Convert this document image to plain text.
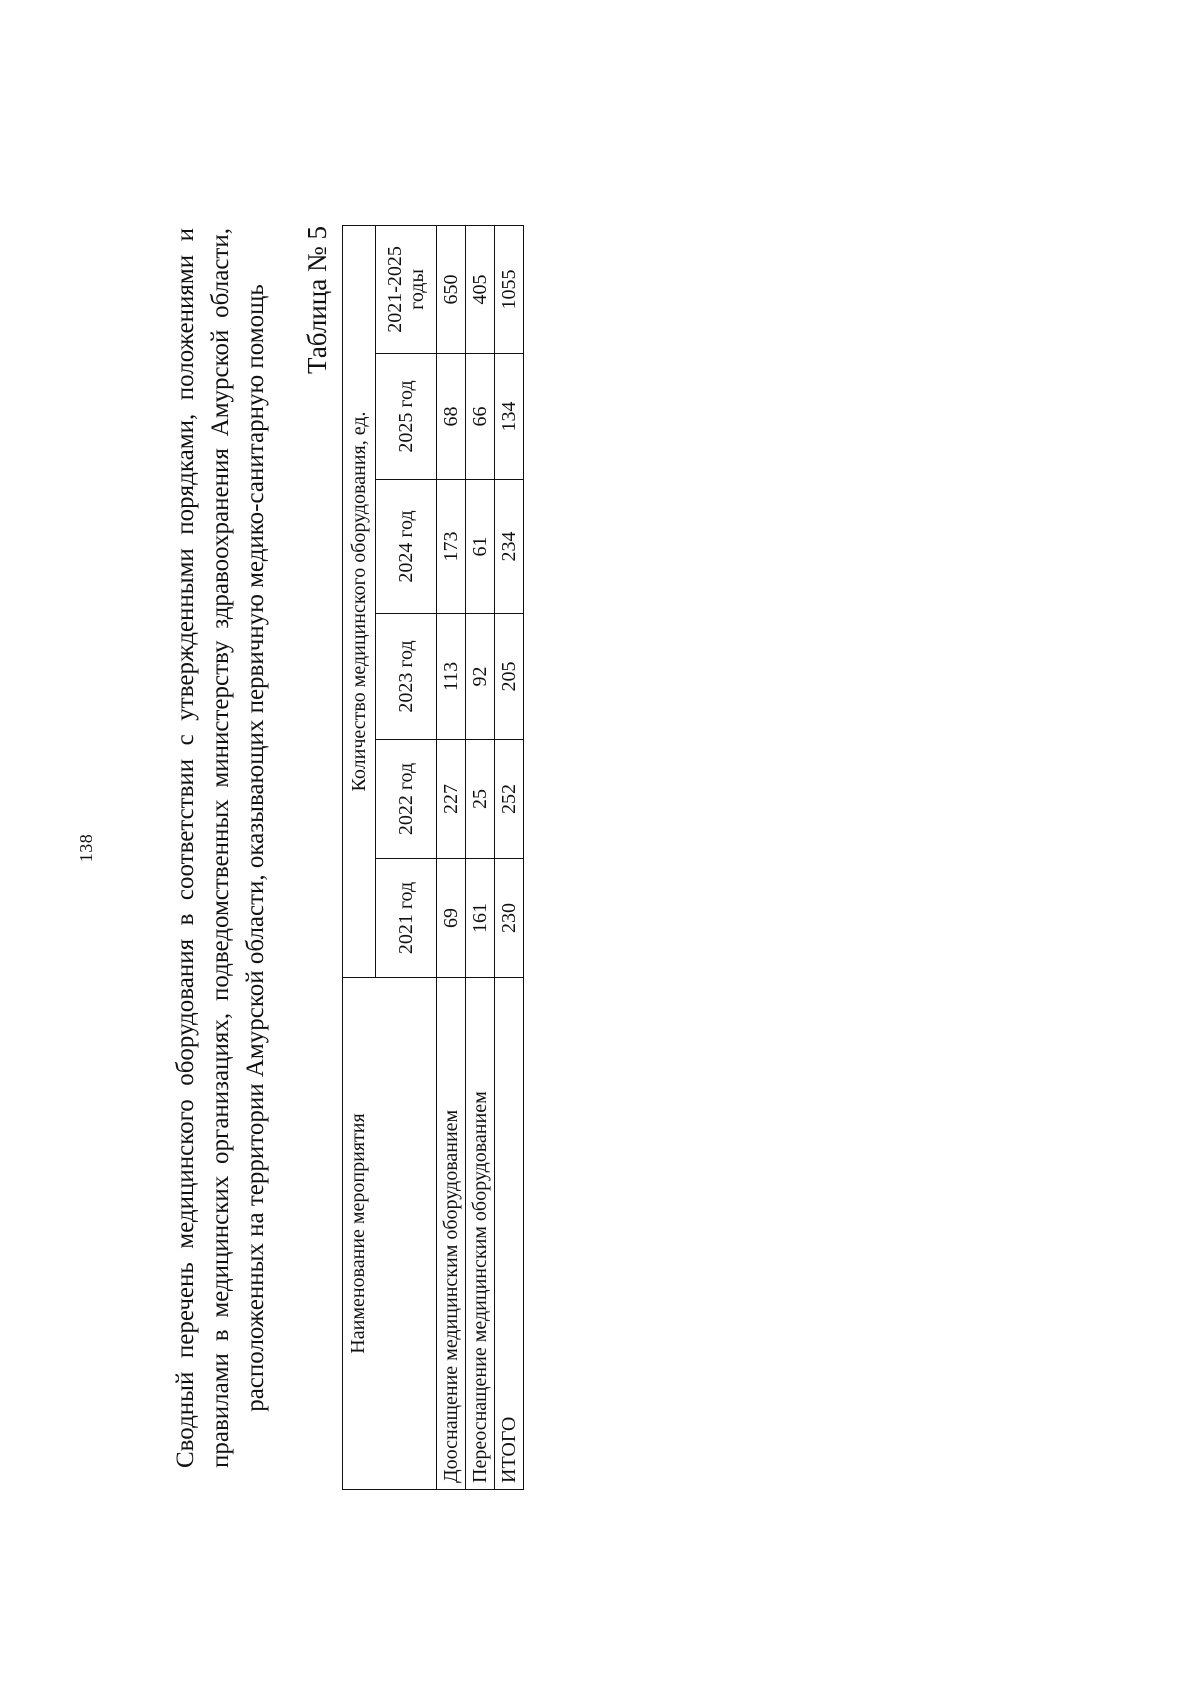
138	Сводный перечень медицинского оборудования в соответствии с утвержденными порядками, положениями и правилами в медицинских организациях, подведомственных министерству здравоохранения Амурской области, расположенных на территории Амурской области, оказывающих первичную медико-санитарную помощь Таблица № 5
Наименование мероприятия	Количество медицинского оборудования, ед.					
	2021 год	2022 год	2023 год	2024 год	2025 год	2021-2025 годы
Дооснащение медицинским оборудованием	69	227	113	173	68	650
Переоснащение медицинским оборудованием	161	25	92	61	66	405
ИТОГО	230	252	205	234	134	1055
